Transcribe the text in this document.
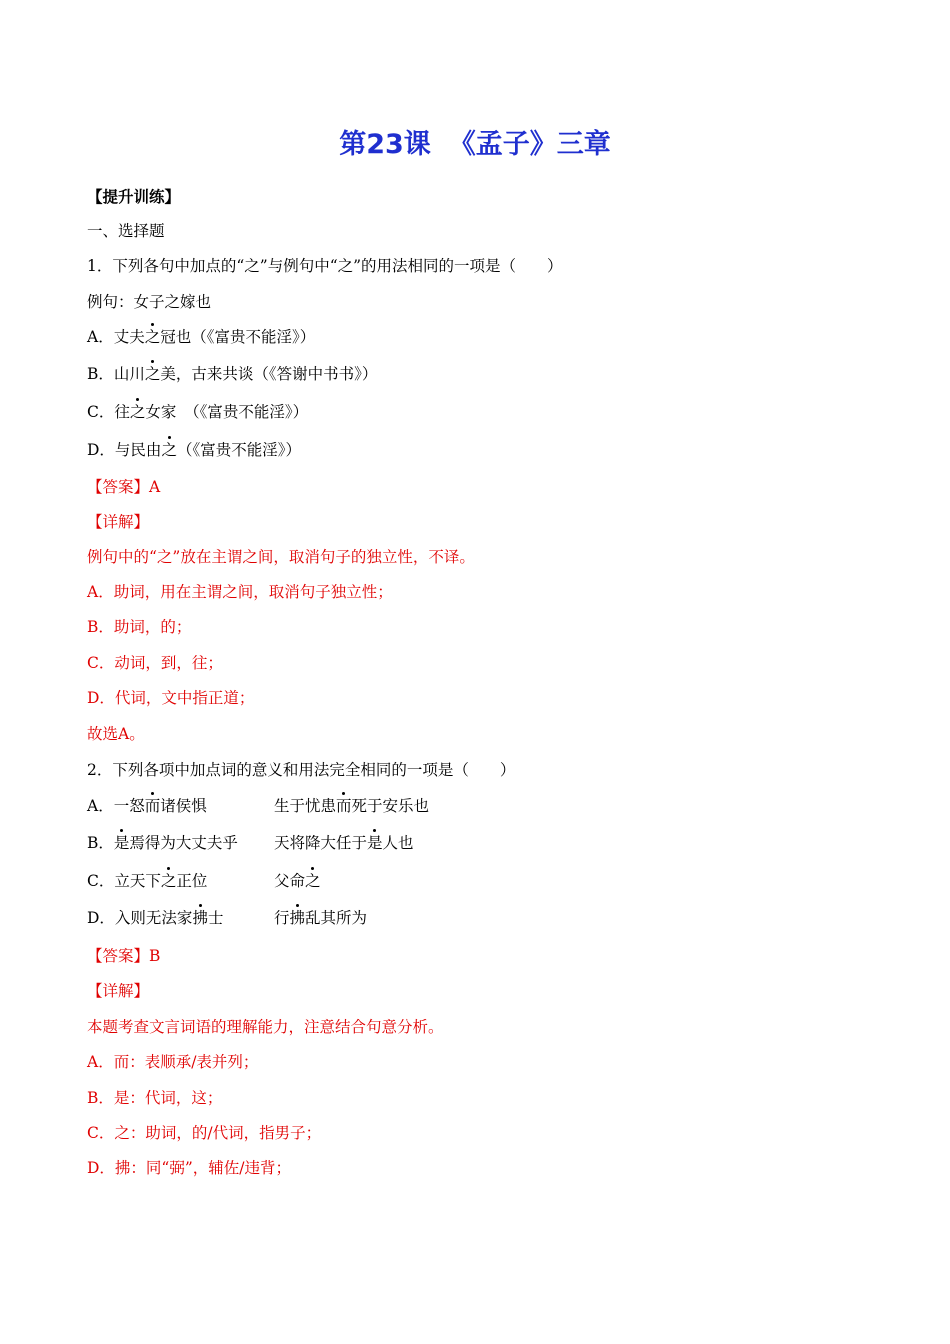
第23课 《孟子》三章
【提升训练】
一、选择题
1．下列各句中加点的“之”与例句中“之”的用法相同的一项是（　　）
例句：女子之嫁也
A．丈夫之冠也（《富贵不能淫》）
B．山川之美，古来共谈（《答谢中书书》）
C．往之女家　（《富贵不能淫》）
D．与民由之（《富贵不能淫》）
【答案】A
【详解】
例句中的“之”放在主谓之间，取消句子的独立性，不译。
A．助词，用在主谓之间，取消句子独立性；
B．助词，的；
C．动词，到，往；
D．代词，文中指正道；
故选A。
2．下列各项中加点词的意义和用法完全相同的一项是（　　）
A．一怒而诸侯惧	生于忧患而死于安乐也
B．是焉得为大丈夫乎 天将降大任于是人也
C．立天下之正位	父命之
D．入则无法家拂士	行拂乱其所为
【答案】B
【详解】
本题考查文言词语的理解能力，注意结合句意分析。
A．而：表顺承/表并列；
B．是：代词，这；
C．之：助词，的/代词，指男子；
D．拂：同“弼”，辅佐/违背；
